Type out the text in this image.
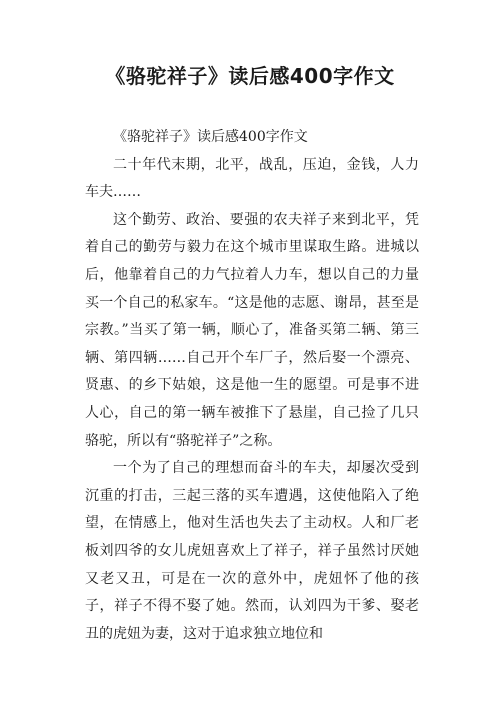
《骆驼祥子》读后感400字作文

《骆驼祥子》读后感400字作文

二十年代末期，北平，战乱，压迫，金钱，人力车夫……

这个勤劳、政治、要强的农夫祥子来到北平，凭着自己的勤劳与毅力在这个城市里谋取生路。进城以后，他靠着自己的力气拉着人力车，想以自己的力量买一个自己的私家车。“这是他的志愿、谢昂，甚至是宗教。”当买了第一辆，顺心了，准备买第二辆、第三辆、第四辆……自己开个车厂子，然后娶一个漂亮、贤惠、的乡下姑娘，这是他一生的愿望。可是事不进人心，自己的第一辆车被推下了悬崖，自己捡了几只骆驼，所以有“骆驼祥子”之称。

一个为了自己的理想而奋斗的车夫，却屡次受到沉重的打击，三起三落的买车遭遇，这使他陷入了绝望，在情感上，他对生活也失去了主动权。人和厂老板刘四爷的女儿虎妞喜欢上了祥子，祥子虽然讨厌她又老又丑，可是在一次的意外中，虎妞怀了他的孩子，祥子不得不娶了她。然而，认刘四为干爹、娶老丑的虎妞为妻，这对于追求独立地位和
